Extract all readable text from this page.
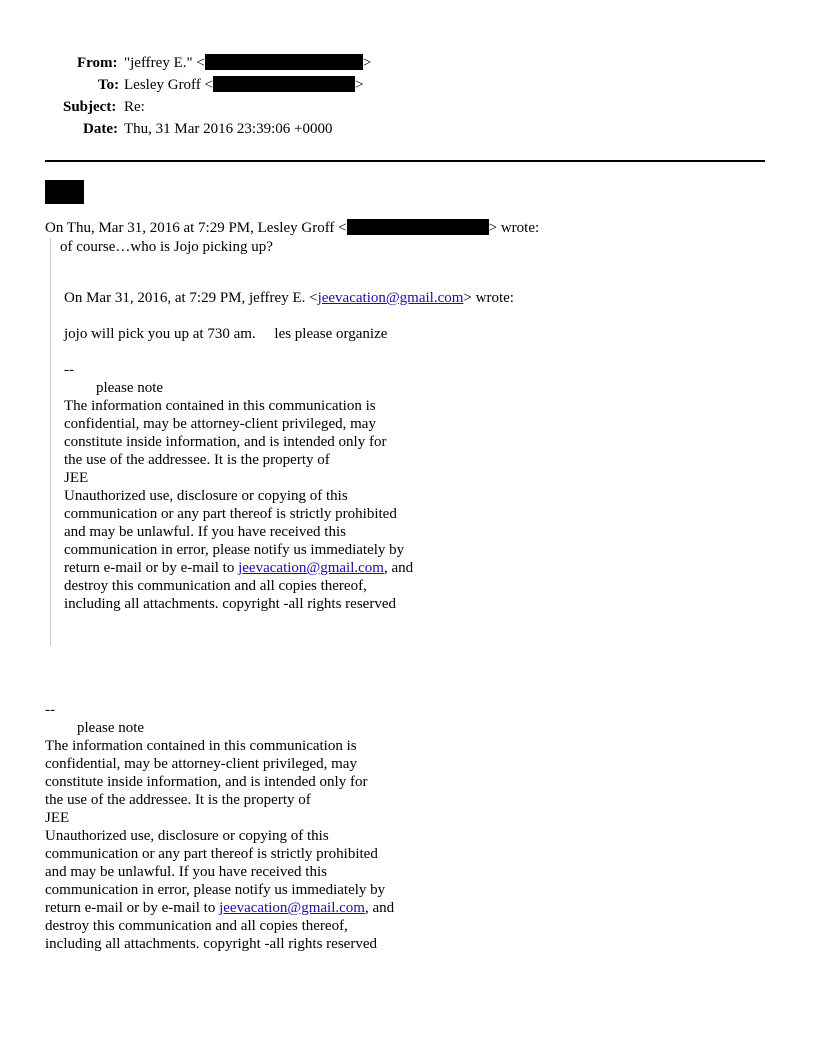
From: "jeffrey E." <	>
To: Lesley Groff <	>
Subject: Re:
Date: Thu, 31 Mar 2016 23:39:06 +0000
On Thu, Mar 31, 2016 at 7:29 PM, Lesley Groff <	> wrote:
of course…who is Jojo picking up?
On Mar 31, 2016, at 7:29 PM, jeffrey E. <jeevacation@gmail.com> wrote:
jojo will pick you up at 730 am.     les please organize
--
please note
The information contained in this communication is
confidential, may be attorney-client privileged, may
constitute inside information, and is intended only for
the use of the addressee. It is the property of
JEE
Unauthorized use, disclosure or copying of this
communication or any part thereof is strictly prohibited
and may be unlawful. If you have received this
communication in error, please notify us immediately by
return e-mail or by e-mail to jeevacation@gmail.com, and
destroy this communication and all copies thereof,
including all attachments. copyright -all rights reserved
--
please note
The information contained in this communication is
confidential, may be attorney-client privileged, may
constitute inside information, and is intended only for
the use of the addressee. It is the property of
JEE
Unauthorized use, disclosure or copying of this
communication or any part thereof is strictly prohibited
and may be unlawful. If you have received this
communication in error, please notify us immediately by
return e-mail or by e-mail to jeevacation@gmail.com, and
destroy this communication and all copies thereof,
including all attachments. copyright -all rights reserved
